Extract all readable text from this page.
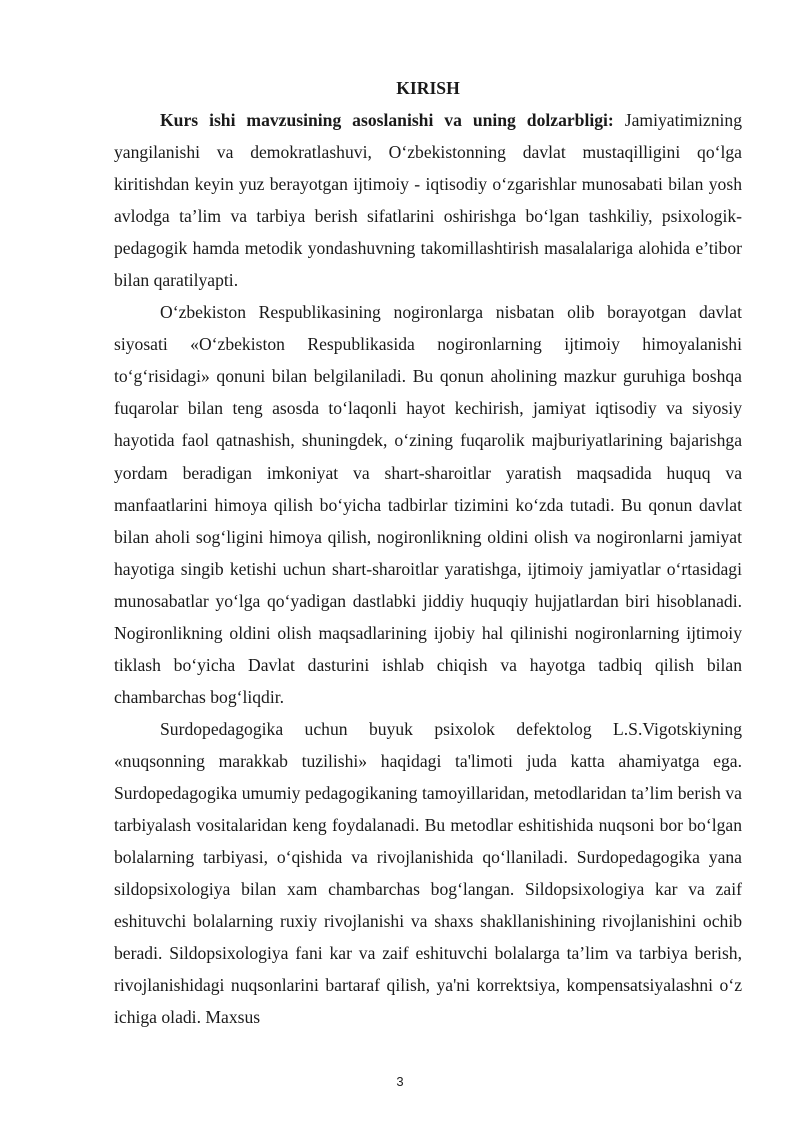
KIRISH

Kurs ishi mavzusining asoslanishi va uning dolzarbligi: Jamiyatimizning yangilanishi va demokratlashuvi, O‘zbekistonning davlat mustaqilligini qo‘lga kiritishdan keyin yuz berayotgan ijtimoiy - iqtisodiy o‘zgarishlar munosabati bilan yosh avlodga ta’lim va tarbiya berish sifatlarini oshirishga bo‘lgan tashkiliy, psixologik-pedagogik hamda metodik yondashuvning takomillashtirish masalalariga alohida e’tibor bilan qaratilyapti.

O‘zbekiston Respublikasining nogironlarga nisbatan olib borayotgan davlat siyosati «O‘zbekiston Respublikasida nogironlarning ijtimoiy himoyalanishi to‘g‘risidagi» qonuni bilan belgilaniladi. Bu qonun aholining mazkur guruhiga boshqa fuqarolar bilan teng asosda to‘laqonli hayot kechirish, jamiyat iqtisodiy va siyosiy hayotida faol qatnashish, shuningdek, o‘zining fuqarolik majburiyatlarining bajarishga yordam beradigan imkoniyat va shart-sharoitlar yaratish maqsadida huquq va manfaatlarini himoya qilish bo‘yicha tadbirlar tizimini ko‘zda tutadi. Bu qonun davlat bilan aholi sog‘ligini himoya qilish, nogironlikning oldini olish va nogironlarni jamiyat hayotiga singib ketishi uchun shart-sharoitlar yaratishga, ijtimoiy jamiyatlar o‘rtasidagi munosabatlar yo‘lga qo‘yadigan dastlabki jiddiy huquqiy hujjatlardan biri hisoblanadi. Nogironlikning oldini olish maqsadlarining ijobiy hal qilinishi nogironlarning ijtimoiy tiklash bo‘yicha Davlat dasturini ishlab chiqish va hayotga tadbiq qilish bilan chambarchas bog‘liqdir.

Surdopedagogika uchun buyuk psixolok defektolog L.S.Vigotskiyning «nuqsonning marakkab tuzilishi» haqidagi ta'limoti juda katta ahamiyatga ega. Surdopedagogika umumiy pedagogikaning tamoyillaridan, metodlaridan ta’lim berish va tarbiyalash vositalaridan keng foydalanadi. Bu metodlar eshitishida nuqsoni bor bo‘lgan bolalarning tarbiyasi, o‘qishida va rivojlanishida qo‘llaniladi. Surdopedagogika yana sildopsixologiya bilan xam chambarchas bog‘langan. Sildopsixologiya kar va zaif eshituvchi bolalarning ruxiy rivojlanishi va shaxs shakllanishining rivojlanishini ochib beradi. Sildopsixologiya fani kar va zaif eshituvchi bolalarga ta’lim va tarbiya berish, rivojlanishidagi nuqsonlarini bartaraf qilish, ya'ni korrektsiya, kompensatsiyalashni o‘z ichiga oladi. Maxsus

3
